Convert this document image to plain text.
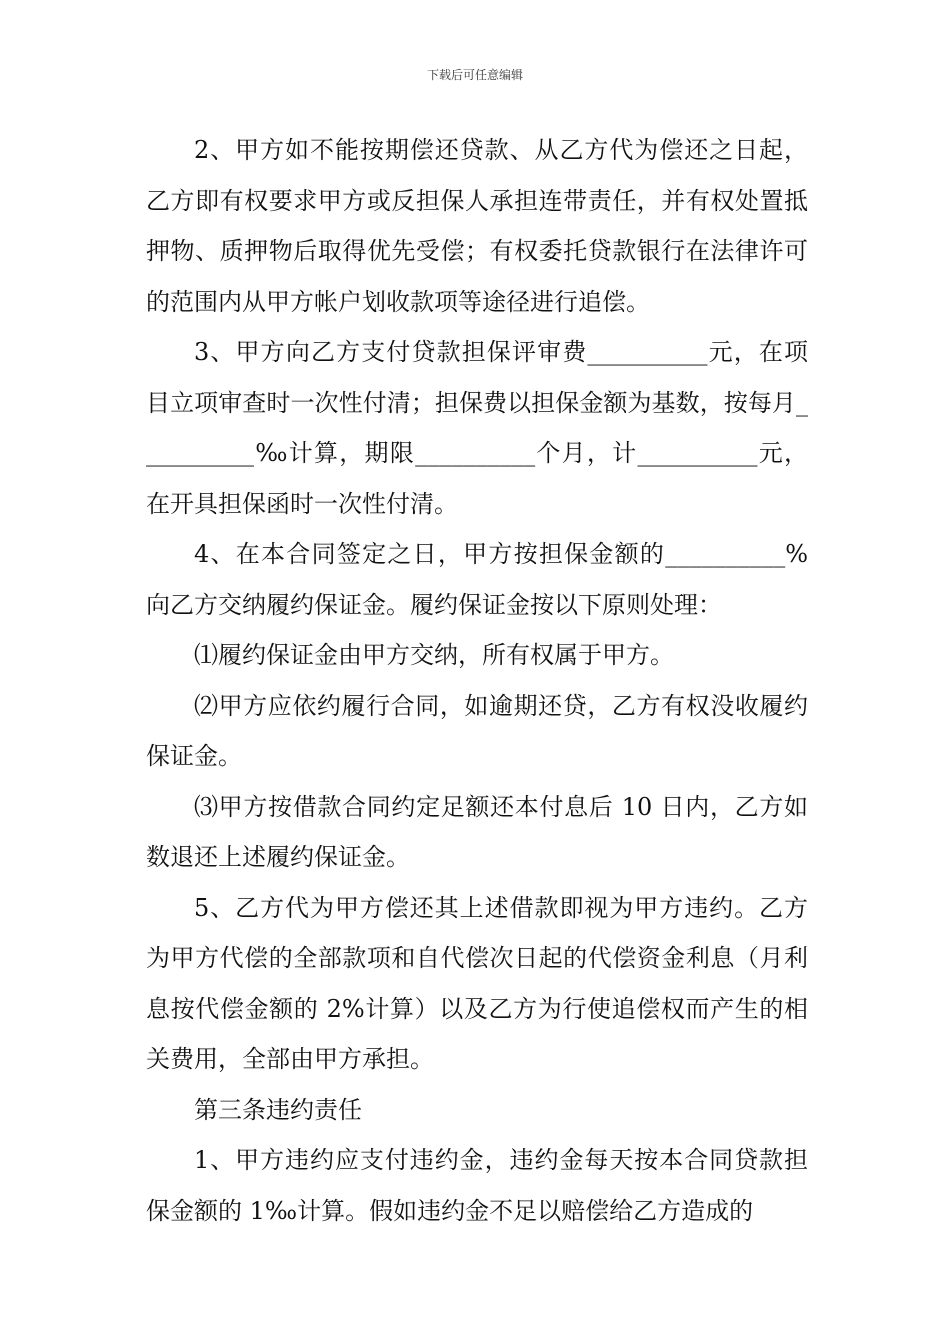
下载后可任意编辑

2、甲方如不能按期偿还贷款、从乙方代为偿还之日起，乙方即有权要求甲方或反担保人承担连带责任，并有权处置抵押物、质押物后取得优先受偿；有权委托贷款银行在法律许可的范围内从甲方帐户划收款项等途径进行追偿。

3、甲方向乙方支付贷款担保评审费__________元，在项目立项审查时一次性付清；担保费以担保金额为基数，按每月__________‰计算，期限__________个月，计__________元，在开具担保函时一次性付清。

4、在本合同签定之日，甲方按担保金额的__________% 向乙方交纳履约保证金。履约保证金按以下原则处理：

⑴履约保证金由甲方交纳，所有权属于甲方。

⑵甲方应依约履行合同，如逾期还贷，乙方有权没收履约保证金。

⑶甲方按借款合同约定足额还本付息后 10 日内，乙方如数退还上述履约保证金。

5、乙方代为甲方偿还其上述借款即视为甲方违约。乙方为甲方代偿的全部款项和自代偿次日起的代偿资金利息（月利息按代偿金额的 2%计算）以及乙方为行使追偿权而产生的相关费用，全部由甲方承担。

第三条违约责任

1、甲方违约应支付违约金，违约金每天按本合同贷款担保金额的 1‰计算。假如违约金不足以赔偿给乙方造成的
